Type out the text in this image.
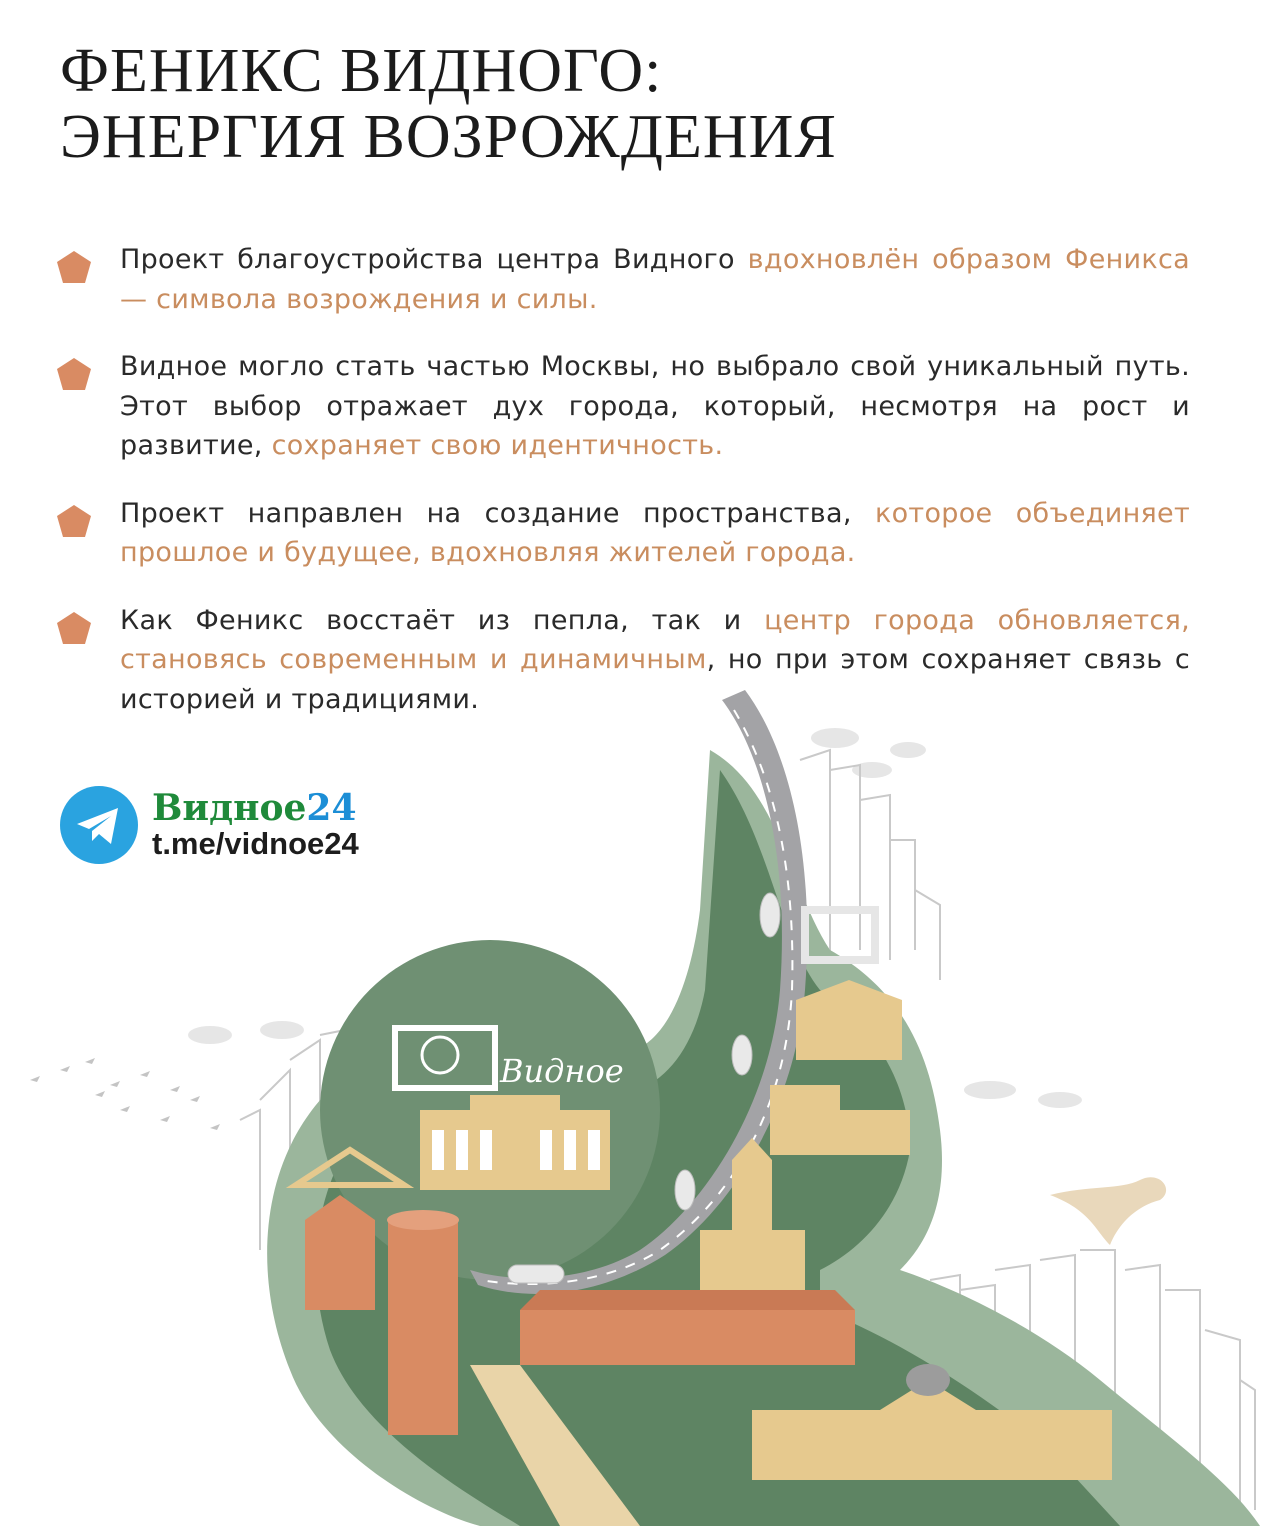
ФЕНИКС ВИДНОГО:
ЭНЕРГИЯ ВОЗРОЖДЕНИЯ

Проект благоустройства центра Видного вдохновлён образом Феникса — символа возрождения и силы.

Видное могло стать частью Москвы, но выбрало свой уникальный путь. Этот выбор отражает дух города, который, несмотря на рост и развитие, сохраняет свою идентичность.

Проект направлен на создание пространства, которое объединяет прошлое и будущее, вдохновляя жителей города.

Как Феникс восстаёт из пепла, так и центр города обновляется, становясь современным и динамичным, но при этом сохраняет связь с историей и традициями.

Видное24
t.me/vidnoe24
Видное
